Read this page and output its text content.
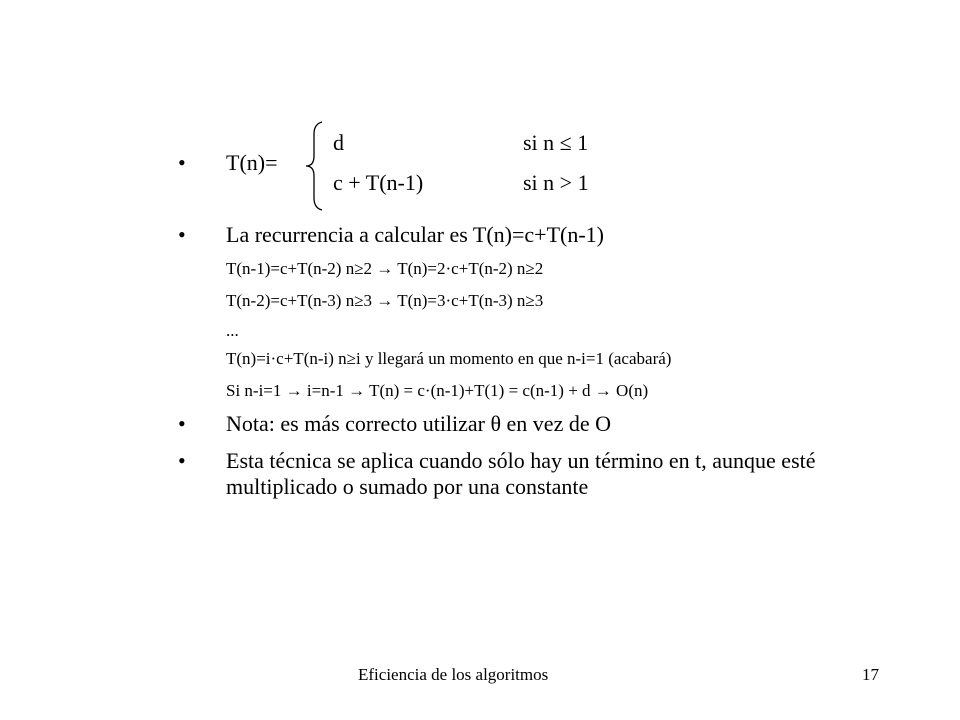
• T(n)=
d	si n ≤ 1
c + T(n-1)	si n > 1
• La recurrencia a calcular es T(n)=c+T(n-1)
T(n-1)=c+T(n-2) n≥2 → T(n)=2·c+T(n-2) n≥2
T(n-2)=c+T(n-3) n≥3 → T(n)=3·c+T(n-3) n≥3
...
T(n)=i·c+T(n-i) n≥i y llegará un momento en que n-i=1 (acabará)
Si n-i=1 → i=n-1 → T(n) = c·(n-1)+T(1) = c(n-1) + d → O(n)
• Nota: es más correcto utilizar θ en vez de O
• Esta técnica se aplica cuando sólo hay un término en t, aunque esté multiplicado o sumado por una constante
Eficiencia de los algoritmos	17
